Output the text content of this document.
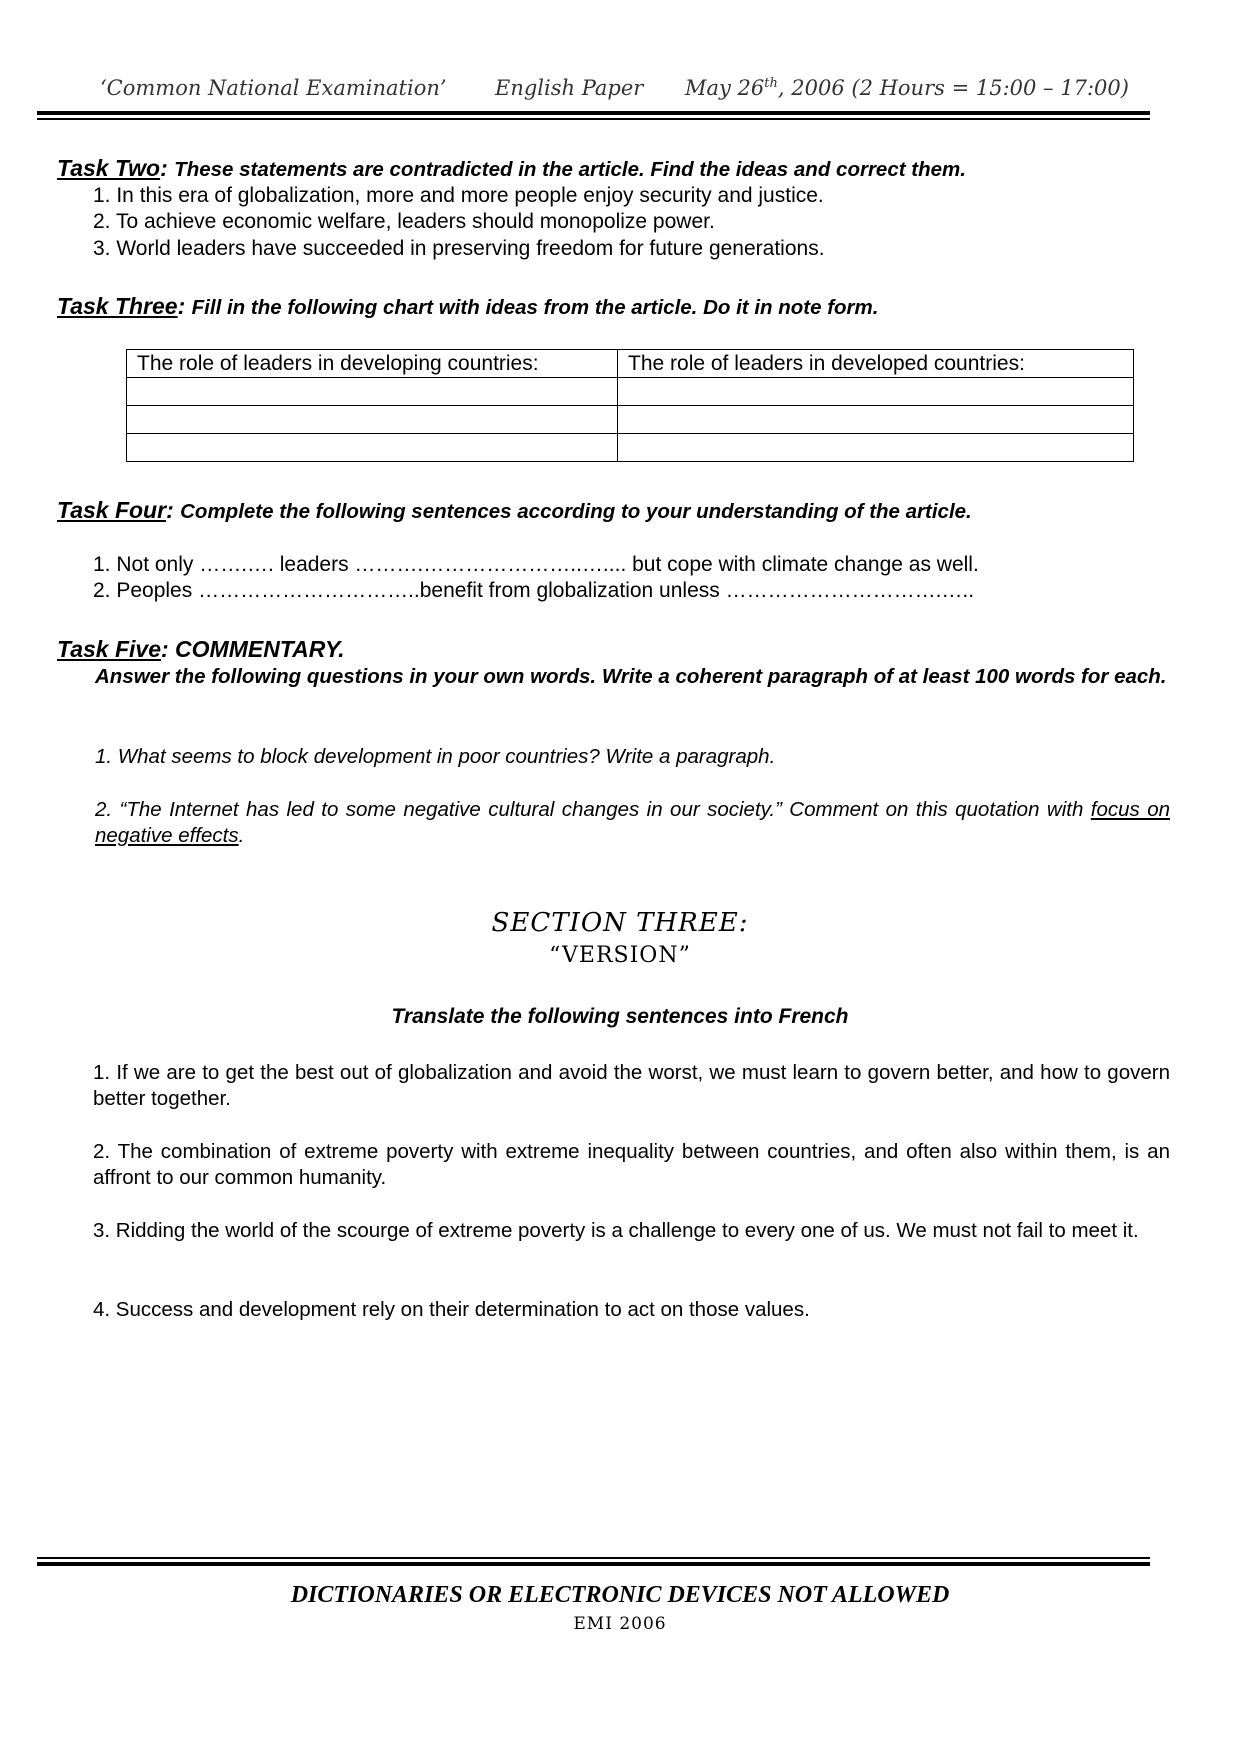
‘Common National Examination’ English Paper May 26th, 2006 (2 Hours = 15:00 – 17:00)
Task Two: These statements are contradicted in the article. Find the ideas and correct them.
1. In this era of globalization, more and more people enjoy security and justice.
2. To achieve economic welfare, leaders should monopolize power.
3. World leaders have succeeded in preserving freedom for future generations.
Task Three: Fill in the following chart with ideas from the article. Do it in note form.
The role of leaders in developing countries:	The role of leaders in developed countries:

Task Four: Complete the following sentences according to your understanding of the article.
1. Not only …….…. leaders ……….…………………..….... but cope with climate change as well.
2. Peoples …………………………..benefit from globalization unless ………………………….…..
Task Five: COMMENTARY.
Answer the following questions in your own words. Write a coherent paragraph of at least 100 words for each.
1. What seems to block development in poor countries? Write a paragraph.
2. “The Internet has led to some negative cultural changes in our society.” Comment on this quotation with focus on negative effects.
SECTION THREE:
“VERSION”
Translate the following sentences into French
1. If we are to get the best out of globalization and avoid the worst, we must learn to govern better, and how to govern better together.
2. The combination of extreme poverty with extreme inequality between countries, and often also within them, is an affront to our common humanity.
3. Ridding the world of the scourge of extreme poverty is a challenge to every one of us. We must not fail to meet it.
4. Success and development rely on their determination to act on those values.
DICTIONARIES OR ELECTRONIC DEVICES NOT ALLOWED
EMI 2006
